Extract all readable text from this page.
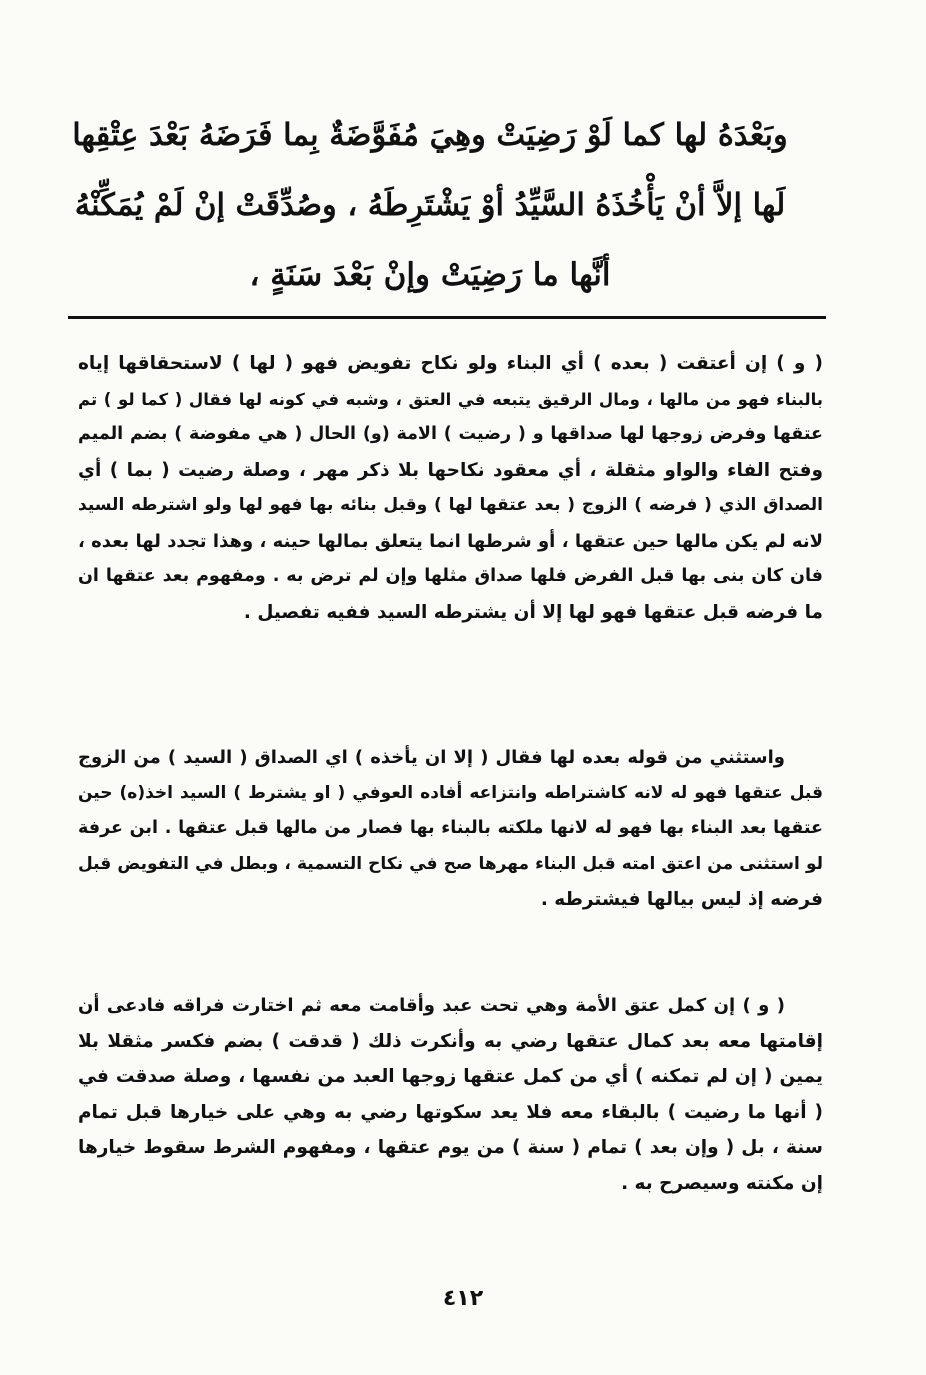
وبَعْدَهُ لها كما لَوْ رَضِيَتْ وهِيَ مُفَوَّضَةٌ بِما فَرَضَهُ بَعْدَ عِتْقِها
لَها إلاَّ أنْ يَأْخُذَهُ السَّيِّدُ أوْ يَشْتَرِطَهُ ، وصُدِّقَتْ إنْ لَمْ يُمَكِّنْهُ
أنَّها ما رَضِيَتْ وإنْ بَعْدَ سَنَةٍ ،
( و ) إن أعتقت ( بعده ) أي البناء ولو نكاح تفويض فهو ( لها ) لاستحقاقها إياه
بالبناء فهو من مالها ، ومال الرقيق يتبعه في العتق ، وشبه في كونه لها فقال ( كما لو ) تم
عتقها وفرض زوجها لها صداقها و ( رضيت ) الامة (و) الحال ( هي مفوضة ) بضم الميم
وفتح الفاء والواو مثقلة ، أي معقود نكاحها بلا ذكر مهر ، وصلة رضيت ( بما ) أي
الصداق الذي ( فرضه ) الزوج ( بعد عتقها لها ) وقبل بنائه بها فهو لها ولو اشترطه السيد
لانه لم يكن مالها حين عتقها ، أو شرطها انما يتعلق بمالها حينه ، وهذا تجدد لها بعده ،
فان كان بنى بها قبل الفرض فلها صداق مثلها وإن لم ترض به . ومفهوم بعد عتقها ان
ما فرضه قبل عتقها فهو لها إلا أن يشترطه السيد ففيه تفصيل .
واستثني من قوله بعده لها فقال ( إلا ان يأخذه ) اي الصداق ( السيد ) من الزوج
قبل عتقها فهو له لانه كاشتراطه وانتزاعه أفاده العوفي ( او يشترط ) السيد اخذ(ه) حين
عتقها بعد البناء بها فهو له لانها ملكته بالبناء بها فصار من مالها قبل عتقها . ابن عرفة
لو استثنى من اعتق امته قبل البناء مهرها صح في نكاح التسمية ، وبطل في التفويض قبل
فرضه إذ ليس بيالها فيشترطه .
( و ) إن كمل عتق الأمة وهي تحت عبد وأقامت معه ثم اختارت فراقه فادعى أن
إقامتها معه بعد كمال عتقها رضي به وأنكرت ذلك ( قدقت ) بضم فكسر مثقلا بلا
يمين ( إن لم تمكنه ) أي من كمل عتقها زوجها العبد من نفسها ، وصلة صدقت في
( أنها ما رضيت ) بالبقاء معه فلا يعد سكوتها رضي به وهي على خيارها قبل تمام
سنة ، بل ( وإن بعد ) تمام ( سنة ) من يوم عتقها ، ومفهوم الشرط سقوط خيارها
إن مكنته وسيصرح به .
٤١٢
